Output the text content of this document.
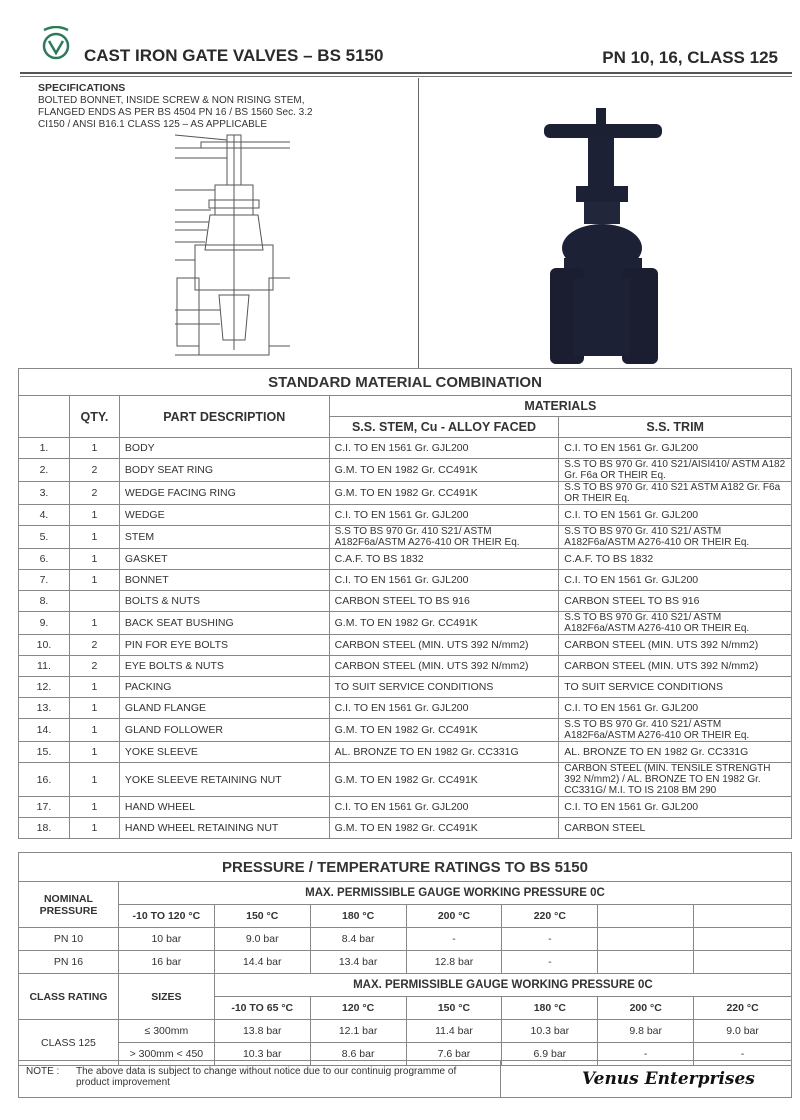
CAST IRON GATE VALVES – BS 5150	PN 10, 16, CLASS 125
SPECIFICATIONS
BOLTED BONNET, INSIDE SCREW & NON RISING STEM,
FLANGED ENDS AS PER BS 4504 PN 16 / BS 1560 Sec. 3.2
CI150 / ANSI B16.1 CLASS 125 – AS APPLICABLE
STANDARD MATERIAL COMBINATION				
	QTY.	PART DESCRIPTION	MATERIALS	
			S.S. STEM, Cu - ALLOY FACED	S.S. TRIM
1.	1	BODY	C.I. TO EN 1561 Gr. GJL200	C.I. TO EN 1561 Gr. GJL200
2.	2	BODY SEAT RING	G.M. TO EN 1982 Gr. CC491K	S.S TO BS 970 Gr. 410 S21/AISI410/ ASTM A182 Gr. F6a OR THEIR Eq.
3.	2	WEDGE FACING RING	G.M. TO EN 1982 Gr. CC491K	S.S TO BS 970 Gr. 410 S21 ASTM A182 Gr. F6a OR THEIR Eq.
4.	1	WEDGE	C.I. TO EN 1561 Gr. GJL200	C.I. TO EN 1561 Gr. GJL200
5.	1	STEM	S.S TO BS 970 Gr. 410 S21/ ASTM A182F6a/ASTM A276-410 OR THEIR Eq.	S.S TO BS 970 Gr. 410 S21/ ASTM A182F6a/ASTM A276-410 OR THEIR Eq.
6.	1	GASKET	C.A.F. TO BS 1832	C.A.F. TO BS 1832
7.	1	BONNET	C.I. TO EN 1561 Gr. GJL200	C.I. TO EN 1561 Gr. GJL200
8.		BOLTS & NUTS	CARBON STEEL TO BS 916	CARBON STEEL TO BS 916
9.	1	BACK SEAT BUSHING	G.M. TO EN 1982 Gr. CC491K	S.S TO BS 970 Gr. 410 S21/ ASTM A182F6a/ASTM A276-410 OR THEIR Eq.
10.	2	PIN FOR EYE BOLTS	CARBON STEEL (MIN. UTS 392 N/mm2)	CARBON STEEL (MIN. UTS 392 N/mm2)
11.	2	EYE BOLTS & NUTS	CARBON STEEL (MIN. UTS 392 N/mm2)	CARBON STEEL (MIN. UTS 392 N/mm2)
12.	1	PACKING	TO SUIT SERVICE CONDITIONS	TO SUIT SERVICE CONDITIONS
13.	1	GLAND FLANGE	C.I. TO EN 1561 Gr. GJL200	C.I. TO EN 1561 Gr. GJL200
14.	1	GLAND FOLLOWER	G.M. TO EN 1982 Gr. CC491K	S.S TO BS 970 Gr. 410 S21/ ASTM A182F6a/ASTM A276-410 OR THEIR Eq.
15.	1	YOKE SLEEVE	AL. BRONZE TO EN 1982 Gr. CC331G	AL. BRONZE TO EN 1982 Gr. CC331G
16.	1	YOKE SLEEVE RETAINING NUT	G.M. TO EN 1982 Gr. CC491K	CARBON STEEL (MIN. TENSILE STRENGTH 392 N/mm2) / AL. BRONZE TO EN 1982 Gr. CC331G/ M.I. TO IS 2108 BM 290
17.	1	HAND WHEEL	C.I. TO EN 1561 Gr. GJL200	C.I. TO EN 1561 Gr. GJL200
18.	1	HAND WHEEL RETAINING NUT	G.M. TO EN 1982 Gr. CC491K	CARBON STEEL
PRESSURE / TEMPERATURE RATINGS TO BS 5150							
NOMINAL PRESSURE	MAX. PERMISSIBLE GAUGE WORKING PRESSURE 0C						
	-10 TO 120 °C	150 °C	180 °C	200 °C	220 °C		
PN 10	10 bar	9.0 bar	8.4 bar	-	-		
PN 16	16 bar	14.4 bar	13.4 bar	12.8 bar	-		
CLASS RATING	SIZES	MAX. PERMISSIBLE GAUGE WORKING PRESSURE 0C					
		-10 TO 65 °C	120 °C	150 °C	180 °C	200 °C	220 °C
CLASS 125	≤ 300mm	13.8 bar	12.1 bar	11.4 bar	10.3 bar	9.8 bar	9.0 bar
	> 300mm < 450	10.3 bar	8.6 bar	7.6 bar	6.9 bar	-	-
NOTE : The above data is subject to change without notice due to our continuig programme of product improvement	Venus Enterprises
